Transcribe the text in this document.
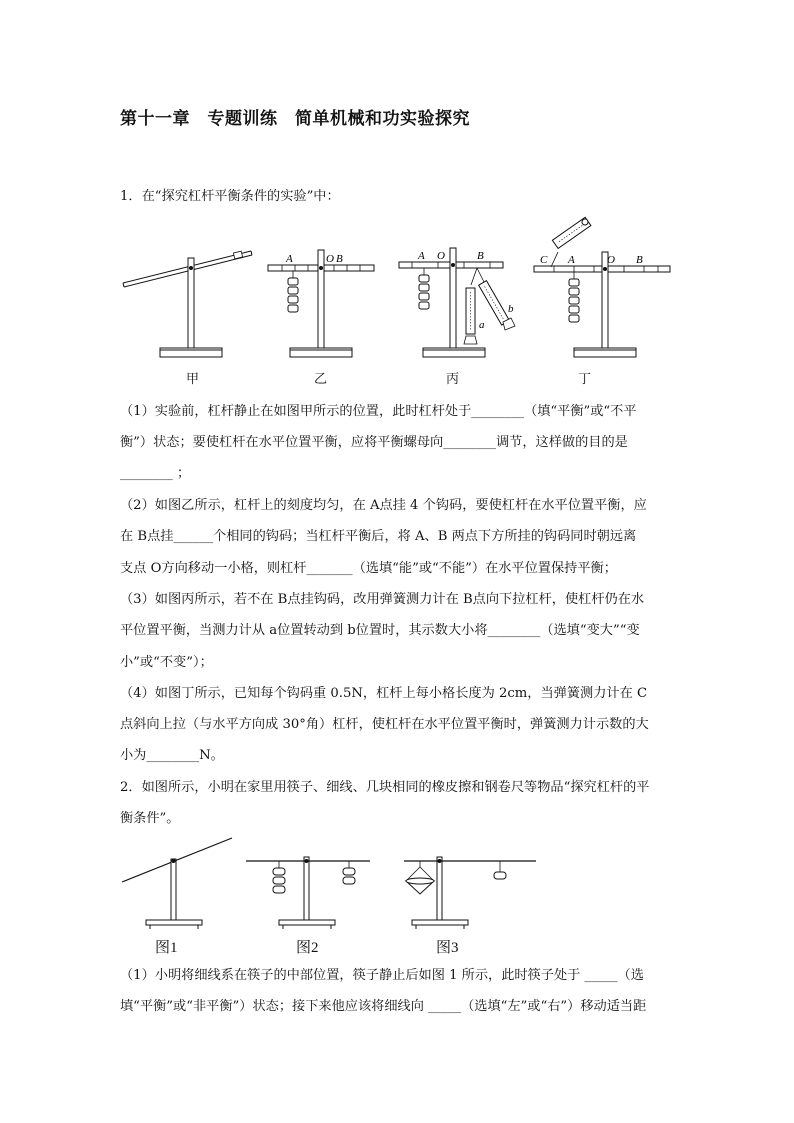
第十一章　专题训练　简单机械和功实验探究
1．在“探究杠杆平衡条件的实验”中：
甲
A	O B
乙
A O	B
a
b
丙
C A	O B
丁
（1）实验前，杠杆静止在如图甲所示的位置，此时杠杆处于________（填“平衡”或“不平
衡”）状态；要使杠杆在水平位置平衡，应将平衡螺母向________调节，这样做的目的是
________ ；
（2）如图乙所示，杠杆上的刻度均匀，在 A点挂 4 个钩码，要使杠杆在水平位置平衡，应
在 B点挂______个相同的钩码；当杠杆平衡后，将 A、B 两点下方所挂的钩码同时朝远离
支点 O方向移动一小格，则杠杆_______（选填“能”或“不能”）在水平位置保持平衡；
（3）如图丙所示，若不在 B点挂钩码，改用弹簧测力计在 B点向下拉杠杆，使杠杆仍在水
平位置平衡，当测力计从 a位置转动到 b位置时，其示数大小将________（选填“变大”“变
小”或“不变”）；
（4）如图丁所示，已知每个钩码重 0.5N，杠杆上每小格长度为 2cm，当弹簧测力计在 C
点斜向上拉（与水平方向成 30°角）杠杆，使杠杆在水平位置平衡时，弹簧测力计示数的大
小为________N。
2．如图所示，小明在家里用筷子、细线、几块相同的橡皮擦和钢卷尺等物品“探究杠杆的平
衡条件”。
图1	图2	图3
（1）小明将细线系在筷子的中部位置，筷子静止后如图 1 所示，此时筷子处于 _____（选
填“平衡”或“非平衡”）状态；接下来他应该将细线向 _____（选填“左”或“右”）移动适当距
